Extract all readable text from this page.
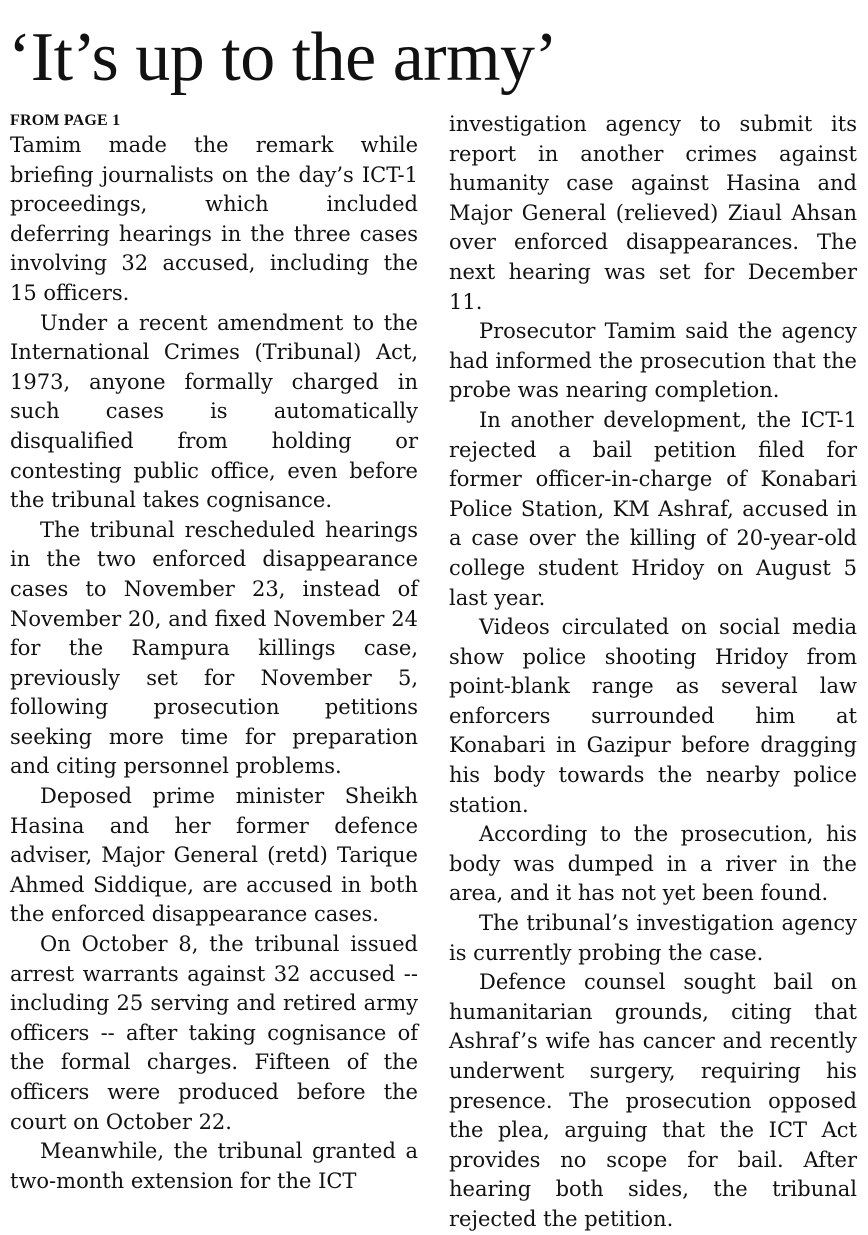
‘It’s up to the army’
FROM PAGE 1

Tamim made the remark while briefing journalists on the day’s ICT-1 proceedings, which included deferring hearings in the three cases involving 32 accused, including the 15 officers.

Under a recent amendment to the International Crimes (Tribunal) Act, 1973, anyone formally charged in such cases is automatically disqualified from holding or contesting public office, even before the tribunal takes cognisance.

The tribunal rescheduled hearings in the two enforced disappearance cases to November 23, instead of November 20, and fixed November 24 for the Rampura killings case, previously set for November 5, following prosecution petitions seeking more time for preparation and citing personnel problems.

Deposed prime minister Sheikh Hasina and her former defence adviser, Major General (retd) Tarique Ahmed Siddique, are accused in both the enforced disappearance cases.

On October 8, the tribunal issued arrest warrants against 32 accused -- including 25 serving and retired army officers -- after taking cognisance of the formal charges. Fifteen of the officers were produced before the court on October 22.

Meanwhile, the tribunal granted a two-month extension for the ICT

investigation agency to submit its report in another crimes against humanity case against Hasina and Major General (relieved) Ziaul Ahsan over enforced disappearances. The next hearing was set for December 11.

Prosecutor Tamim said the agency had informed the prosecution that the probe was nearing completion.

In another development, the ICT-1 rejected a bail petition filed for former officer-in-charge of Konabari Police Station, KM Ashraf, accused in a case over the killing of 20-year-old college student Hridoy on August 5 last year.

Videos circulated on social media show police shooting Hridoy from point-blank range as several law enforcers surrounded him at Konabari in Gazipur before dragging his body towards the nearby police station.

According to the prosecution, his body was dumped in a river in the area, and it has not yet been found.

The tribunal’s investigation agency is currently probing the case.

Defence counsel sought bail on humanitarian grounds, citing that Ashraf’s wife has cancer and recently underwent surgery, requiring his presence. The prosecution opposed the plea, arguing that the ICT Act provides no scope for bail. After hearing both sides, the tribunal rejected the petition.
